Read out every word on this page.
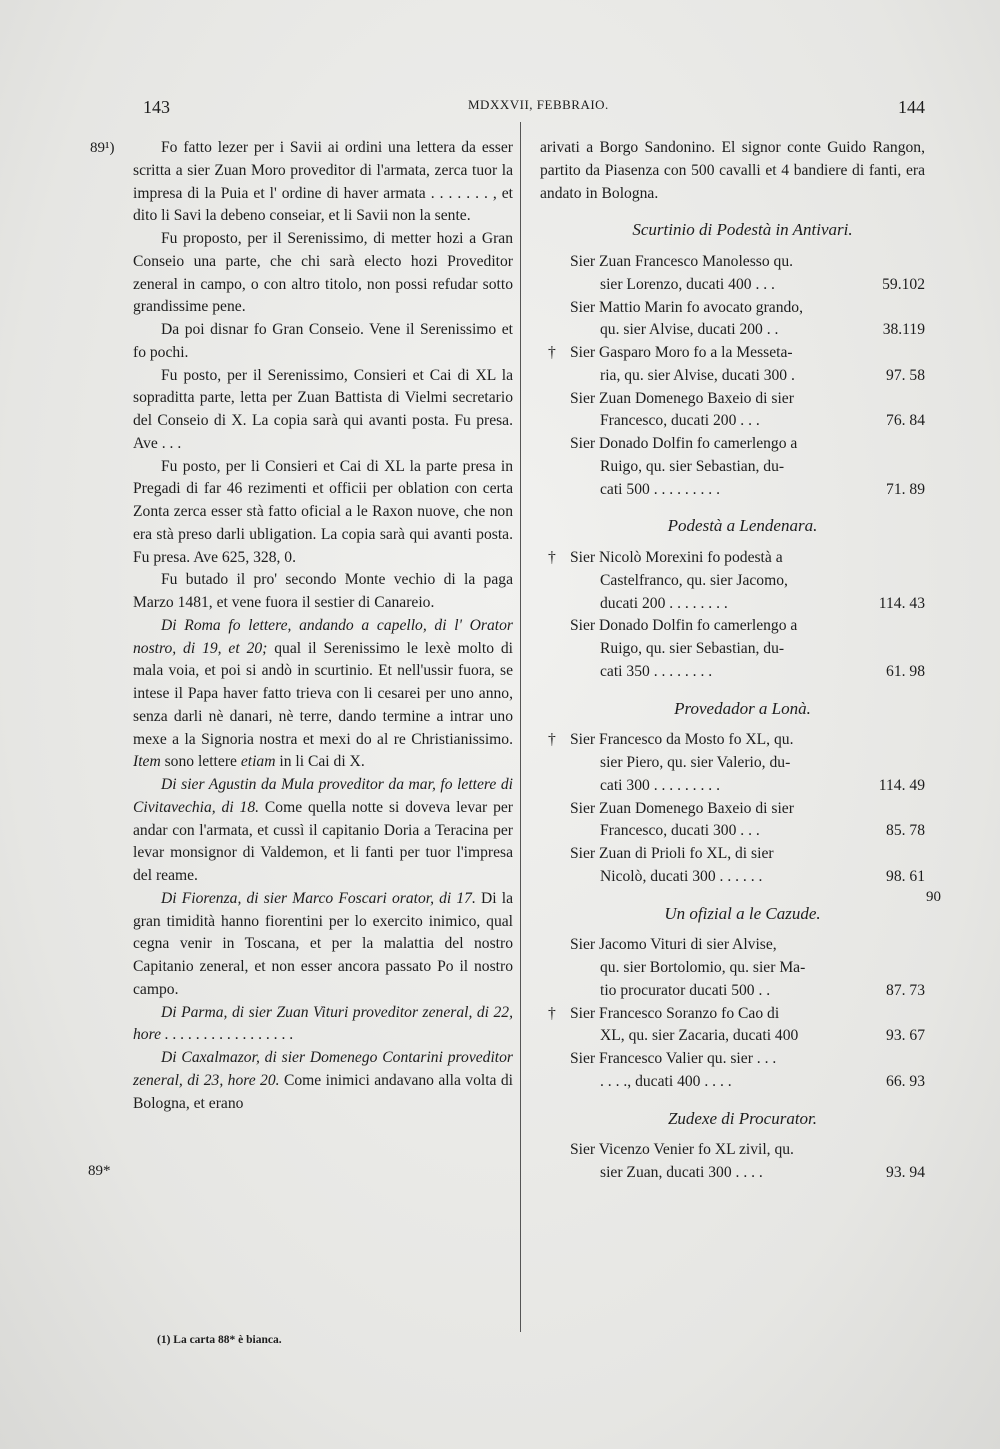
143	MDXXVII, FEBBRAIO.	144
89¹)
89*
90

Fo fatto lezer per i Savii ai ordini una lettera da esser scritta a sier Zuan Moro proveditor di l'armata, zerca tuor la impresa di la Puia et l' ordine di haver armata . . . . . . . , et dito li Savi la debeno conseiar, et li Savii non la sente.

Fu proposto, per il Serenissimo, di metter hozi a Gran Conseio una parte, che chi sarà electo hozi Proveditor zeneral in campo, o con altro titolo, non possi refudar sotto grandissime pene.

Da poi disnar fo Gran Conseio. Vene il Serenissimo et fo pochi.

Fu posto, per il Serenissimo, Consieri et Cai di XL la sopraditta parte, letta per Zuan Battista di Vielmi secretario del Conseio di X. La copia sarà qui avanti posta. Fu presa. Ave . . .

Fu posto, per li Consieri et Cai di XL la parte presa in Pregadi di far 46 rezimenti et officii per oblation con certa Zonta zerca esser stà fatto oficial a le Raxon nuove, che non era stà preso darli ubligation. La copia sarà qui avanti posta. Fu presa. Ave 625, 328, 0.

Fu butado il pro' secondo Monte vechio di la paga Marzo 1481, et vene fuora il sestier di Canareio.

Di Roma fo lettere, andando a capello, di l' Orator nostro, di 19, et 20; qual il Serenissimo le lexè molto di mala voia, et poi si andò in scurtinio. Et nell'ussir fuora, se intese il Papa haver fatto trieva con li cesarei per uno anno, senza darli nè danari, nè terre, dando termine a intrar uno mexe a la Signoria nostra et mexi do al re Christianissimo. Item sono lettere etiam in li Cai di X.

Di sier Agustin da Mula proveditor da mar, fo lettere di Civitavechia, di 18. Come quella notte si doveva levar per andar con l'armata, et cussì il capitanio Doria a Teracina per levar monsignor di Valdemon, et li fanti per tuor l'impresa del reame.

Di Fiorenza, di sier Marco Foscari orator, di 17. Di la gran timidità hanno fiorentini per lo exercito inimico, qual cegna venir in Toscana, et per la malattia del nostro Capitanio zeneral, et non esser ancora passato Po il nostro campo.

Di Parma, di sier Zuan Vituri proveditor zeneral, di 22, hore . . . . . . . . . . . . . . . . .

Di Caxalmazor, di sier Domenego Contarini proveditor zeneral, di 23, hore 20. Come inimici andavano alla volta di Bologna, et erano

(1) La carta 88* è bianca.

arivati a Borgo Sandonino. El signor conte Guido Rangon, partito da Piasenza con 500 cavalli et 4 bandiere di fanti, era andato in Bologna.

Scurtinio di Podestà in Antivari.
Sier Zuan Francesco Manolesso qu.
sier Lorenzo, ducati 400 . . .	59.102
Sier Mattio Marin fo avocato grando,
qu. sier Alvise, ducati 200 . .	38.119
† Sier Gasparo Moro fo a la Messeta-
ria, qu. sier Alvise, ducati 300 .	97. 58
Sier Zuan Domenego Baxeio di sier
Francesco, ducati 200 . . .	76. 84
Sier Donado Dolfin fo camerlengo a
Ruigo, qu. sier Sebastian, du-
cati 500 . . . . . . . . .	71. 89
Podestà a Lendenara.
† Sier Nicolò Morexini fo podestà a
Castelfranco, qu. sier Jacomo,
ducati 200 . . . . . . . .	114. 43
Sier Donado Dolfin fo camerlengo a
Ruigo, qu. sier Sebastian, du-
cati 350 . . . . . . . .	61. 98
Provedador a Lonà.
† Sier Francesco da Mosto fo XL, qu.
sier Piero, qu. sier Valerio, du-
cati 300 . . . . . . . . .	114. 49
Sier Zuan Domenego Baxeio di sier
Francesco, ducati 300 . . .	85. 78
Sier Zuan di Prioli fo XL, di sier
Nicolò, ducati 300 . . . . . .	98. 61
Un ofizial a le Cazude.
Sier Jacomo Vituri di sier Alvise,
qu. sier Bortolomio, qu. sier Ma-
tio procurator ducati 500 . .	87. 73
† Sier Francesco Soranzo fo Cao di
XL, qu. sier Zacaria, ducati 400	93. 67
Sier Francesco Valier qu. sier . . .
. . . ., ducati 400 . . . .	66. 93
Zudexe di Procurator.
Sier Vicenzo Venier fo XL zivil, qu.
sier Zuan, ducati 300 . . . .	93. 94
